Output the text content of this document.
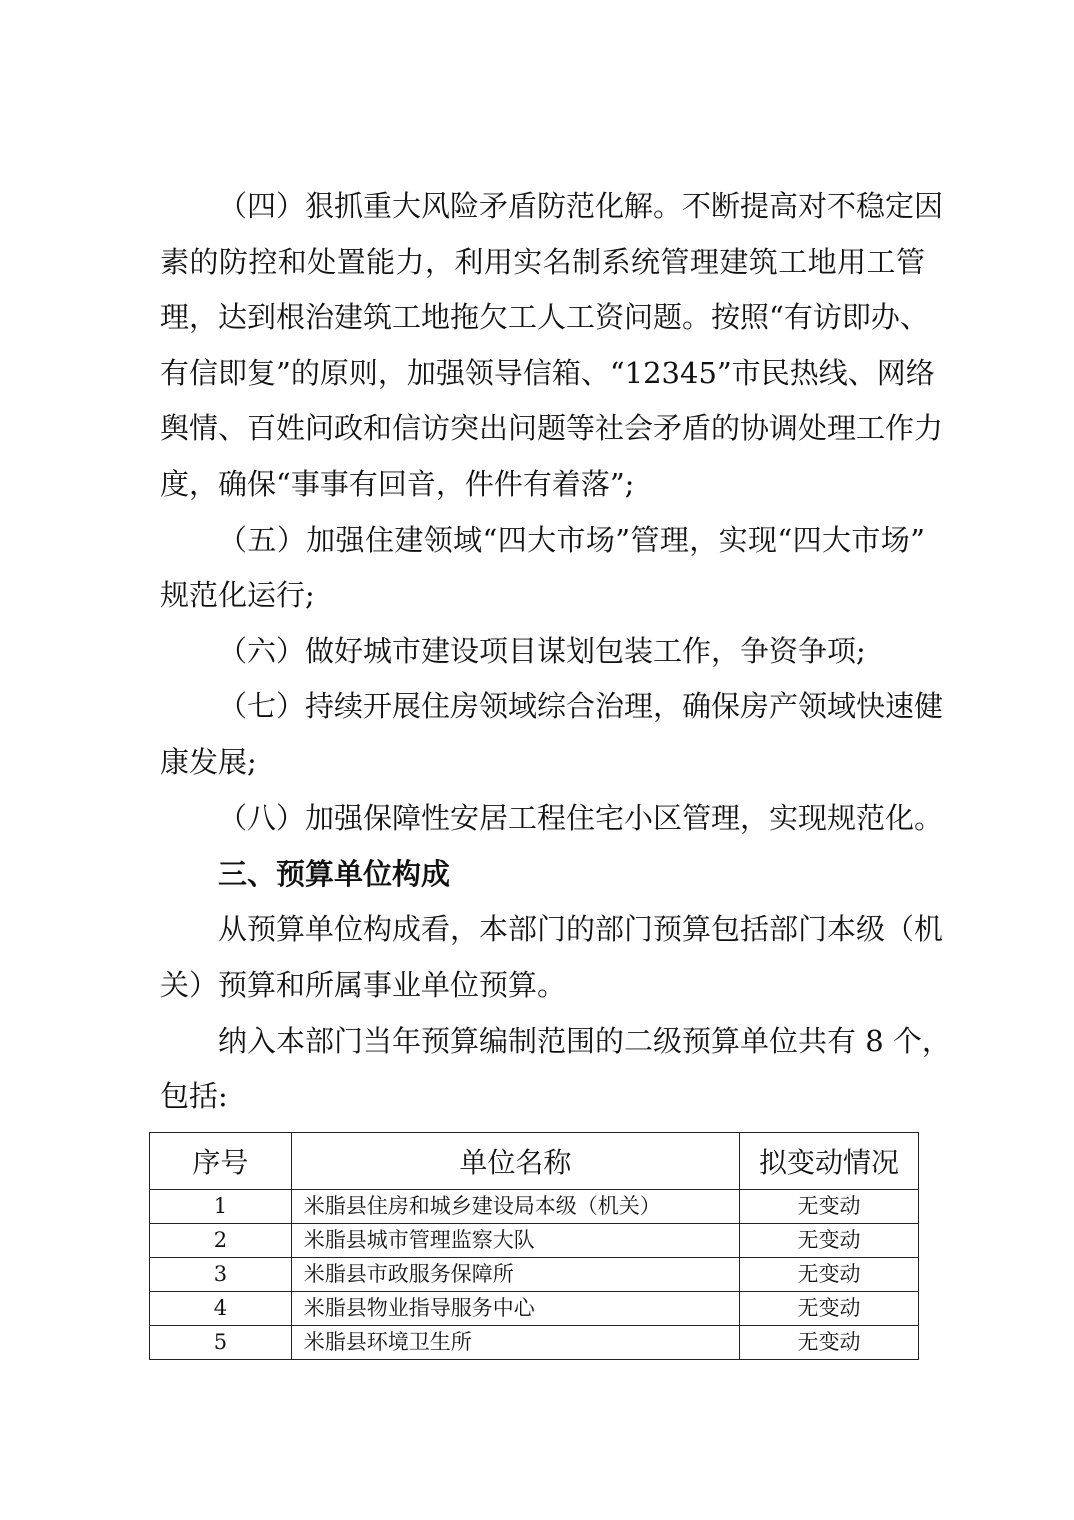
（四）狠抓重大风险矛盾防范化解。不断提高对不稳定因
素的防控和处置能力，利用实名制系统管理建筑工地用工管
理，达到根治建筑工地拖欠工人工资问题。按照“有访即办、
有信即复”的原则，加强领导信箱、“12345”市民热线、网络
舆情、百姓问政和信访突出问题等社会矛盾的协调处理工作力
度，确保“事事有回音，件件有着落”;
（五）加强住建领域“四大市场”管理，实现“四大市场”
规范化运行;
（六）做好城市建设项目谋划包装工作，争资争项;
（七）持续开展住房领域综合治理，确保房产领域快速健
康发展;
（八）加强保障性安居工程住宅小区管理，实现规范化。
三、预算单位构成
从预算单位构成看，本部门的部门预算包括部门本级（机
关）预算和所属事业单位预算。
纳入本部门当年预算编制范围的二级预算单位共有 8 个，
包括:
序号	单位名称	拟变动情况
1	米脂县住房和城乡建设局本级（机关）	无变动
2	米脂县城市管理监察大队	无变动
3	米脂县市政服务保障所	无变动
4	米脂县物业指导服务中心	无变动
5	米脂县环境卫生所	无变动
